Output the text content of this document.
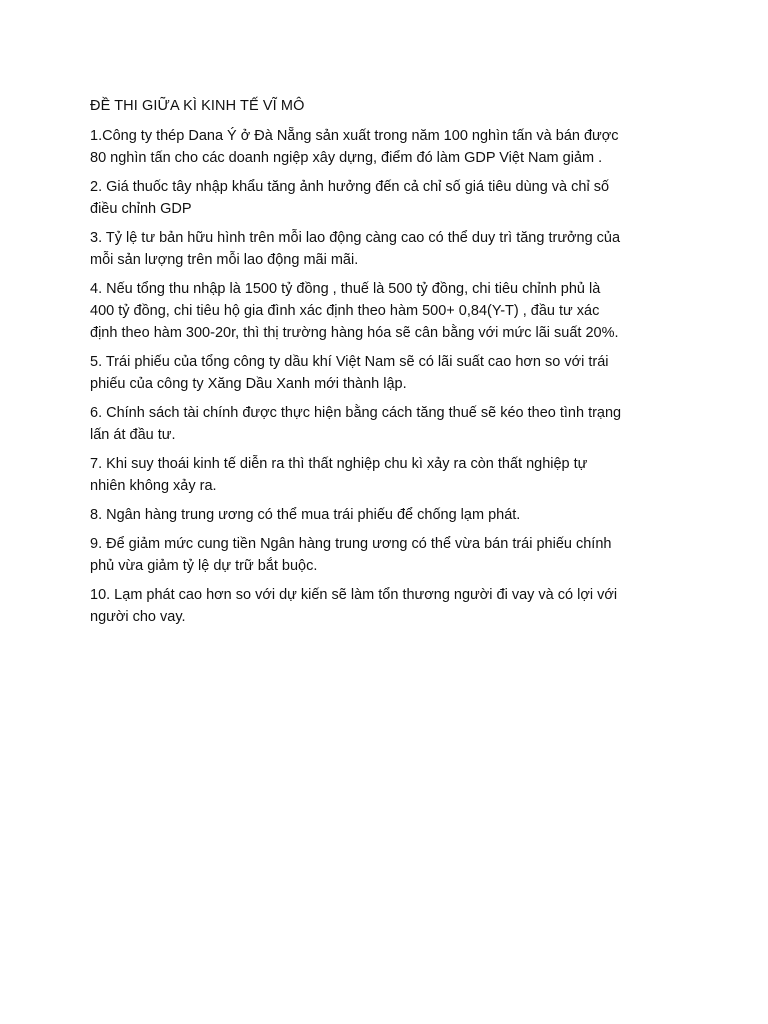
ĐỀ THI GIỮA KÌ KINH TẾ VĨ MÔ
1.Công ty thép Dana Ý ở Đà Nẵng sản xuất trong năm 100 nghìn tấn và bán được
80 nghìn tấn cho các doanh ngiệp xây dựng, điểm đó làm GDP Việt Nam giảm .
2. Giá thuốc tây nhập khẩu tăng ảnh hưởng đến cả chỉ số giá tiêu dùng và chỉ số
điều chỉnh GDP
3. Tỷ lệ tư bản hữu hình trên mỗi lao động càng cao có thể duy trì tăng trưởng của
mỗi sản lượng trên mỗi lao động mãi mãi.
4. Nếu tổng thu nhập là 1500 tỷ đồng , thuế là 500 tỷ đồng, chi tiêu chỉnh phủ là
400 tỷ đồng, chi tiêu hộ gia đình xác định theo hàm 500+ 0,84(Y-T) , đầu tư xác
định theo hàm 300-20r, thì thị trường hàng hóa sẽ cân bằng với mức lãi suất 20%.
5. Trái phiếu của tổng công ty dầu khí Việt Nam sẽ có lãi suất cao hơn so với trái
phiếu của công ty Xăng Dầu Xanh mới thành lập.
6. Chính sách tài chính được thực hiện bằng cách tăng thuế sẽ kéo theo tình trạng
lấn át đầu tư.
7. Khi suy thoái kinh tế diễn ra thì thất nghiệp chu kì xảy ra còn thất nghiệp tự
nhiên không xảy ra.
8. Ngân hàng trung ương có thể mua trái phiếu để chống lạm phát.
9. Để giảm mức cung tiền Ngân hàng trung ương có thể vừa bán trái phiếu chính
phủ vừa giảm tỷ lệ dự trữ bắt buộc.
10. Lạm phát cao hơn so với dự kiến sẽ làm tổn thương người đi vay và có lợi với
người cho vay.
